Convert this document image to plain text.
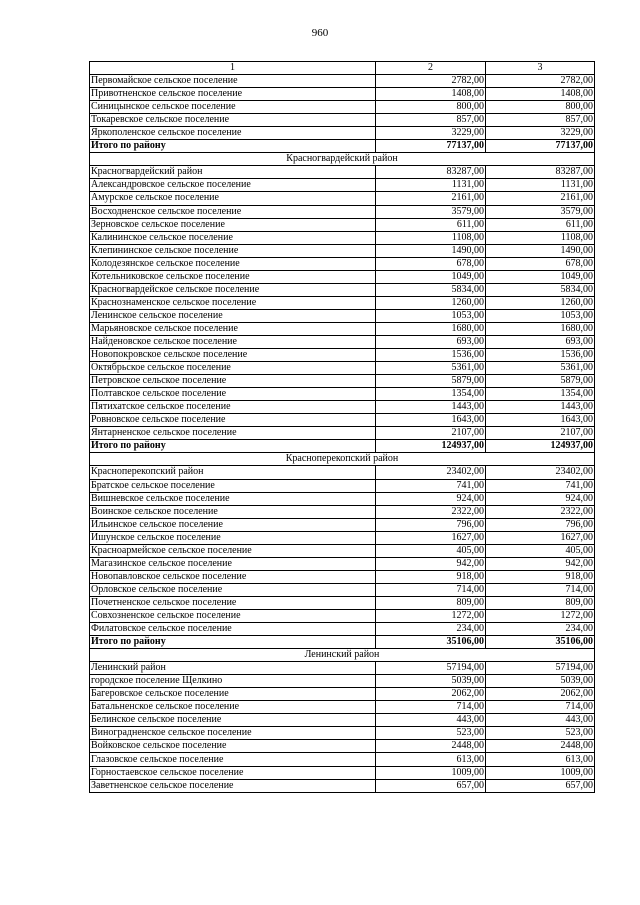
960
1	2	3
Первомайское сельское поселение	2782,00	2782,00
Привотненское сельское поселение	1408,00	1408,00
Синицынское сельское поселение	800,00	800,00
Токаревское сельское поселение	857,00	857,00
Яркополенское сельское поселение	3229,00	3229,00
Итого по району	77137,00	77137,00
Красногвардейский район		
Красногвардейский район	83287,00	83287,00
Александровское сельское поселение	1131,00	1131,00
Амурское сельское поселение	2161,00	2161,00
Восходненское сельское поселение	3579,00	3579,00
Зерновское сельское поселение	611,00	611,00
Калининское сельское поселение	1108,00	1108,00
Клепининское сельское поселение	1490,00	1490,00
Колодезянское сельское поселение	678,00	678,00
Котельниковское сельское поселение	1049,00	1049,00
Красногвардейское сельское поселение	5834,00	5834,00
Краснознаменское сельское поселение	1260,00	1260,00
Ленинское сельское поселение	1053,00	1053,00
Марьяновское сельское поселение	1680,00	1680,00
Найденовское сельское поселение	693,00	693,00
Новопокровское сельское поселение	1536,00	1536,00
Октябрьское сельское поселение	5361,00	5361,00
Петровское сельское поселение	5879,00	5879,00
Полтавское сельское поселение	1354,00	1354,00
Пятихатское сельское поселение	1443,00	1443,00
Ровновское сельское поселение	1643,00	1643,00
Янтарненское сельское поселение	2107,00	2107,00
Итого по району	124937,00	124937,00
Красноперекопский район		
Красноперекопский район	23402,00	23402,00
Братское сельское поселение	741,00	741,00
Вишневское сельское поселение	924,00	924,00
Воинское сельское поселение	2322,00	2322,00
Ильинское сельское поселение	796,00	796,00
Ишунское сельское поселение	1627,00	1627,00
Красноармейское сельское поселение	405,00	405,00
Магазинское сельское поселение	942,00	942,00
Новопавловское сельское поселение	918,00	918,00
Орловское сельское поселение	714,00	714,00
Почетненское сельское поселение	809,00	809,00
Совхозненское сельское поселение	1272,00	1272,00
Филатовское сельское поселение	234,00	234,00
Итого по району	35106,00	35106,00
Ленинский район		
Ленинский район	57194,00	57194,00
городское поселение Щелкино	5039,00	5039,00
Багеровское сельское поселение	2062,00	2062,00
Батальненское сельское поселение	714,00	714,00
Белинское сельское поселение	443,00	443,00
Виноградненское сельское поселение	523,00	523,00
Войковское сельское поселение	2448,00	2448,00
Глазовское сельское поселение	613,00	613,00
Горностаевское сельское поселение	1009,00	1009,00
Заветненское сельское поселение	657,00	657,00
